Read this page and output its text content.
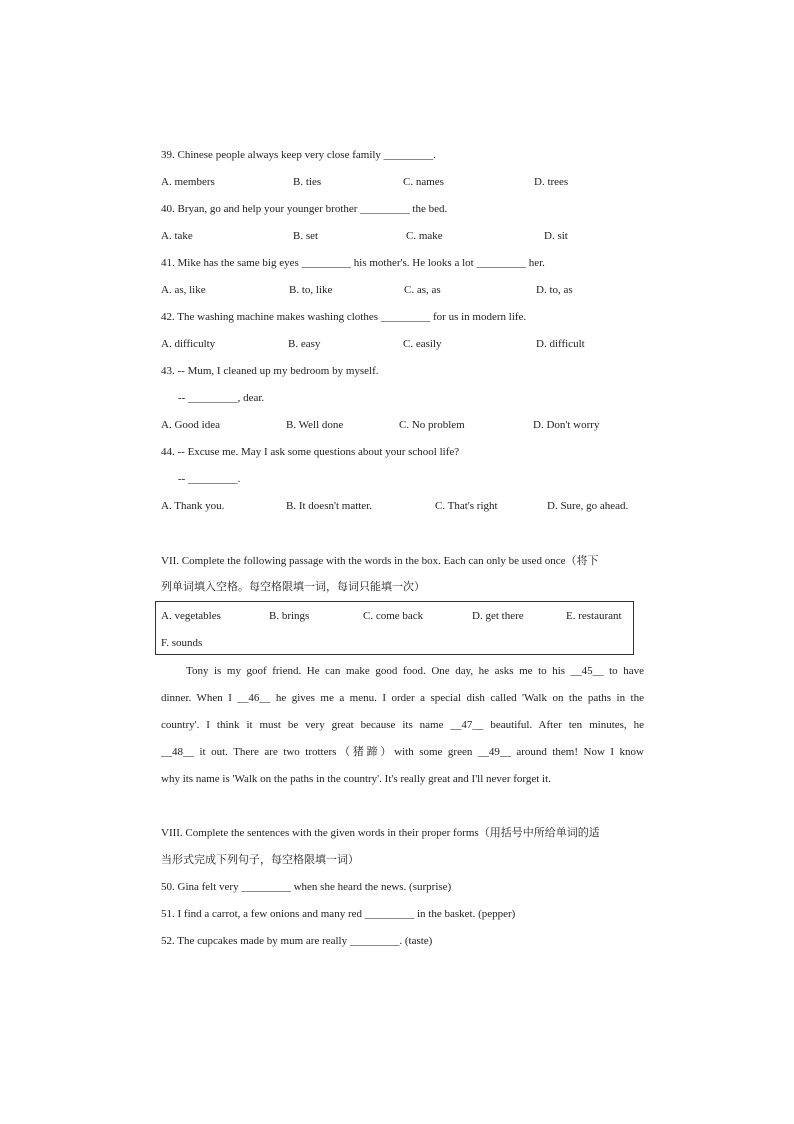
39. Chinese people always keep very close family _________.
A. members	B. ties	C. names	D. trees
40. Bryan, go and help your younger brother _________ the bed.
A. take	B. set	C. make	D. sit
41. Mike has the same big eyes _________ his mother's. He looks a lot _________ her.
A. as, like	B. to, like	C. as, as	D. to, as
42. The washing machine makes washing clothes _________ for us in modern life.
A. difficulty	B. easy	C. easily	D. difficult
43. -- Mum, I cleaned up my bedroom by myself.
-- _________, dear.
A. Good idea	B. Well done	C. No problem	D. Don't worry
44. -- Excuse me. May I ask some questions about your school life?
-- _________.
A. Thank you.	B. It doesn't matter.	C. That's right	D. Sure, go ahead.
VII. Complete the following passage with the words in the box. Each can only be used once（将下
列单词填入空格。每空格限填一词，每词只能填一次）
A. vegetables	B. brings	C. come back	D. get there	E. restaurant
F. sounds
Tony is my goof friend. He can make good food. One day, he asks me to his __45__ to have
dinner. When I __46__ he gives me a menu. I order a special dish called 'Walk on the paths in the
country'. I think it must be very great because its name __47__ beautiful. After ten minutes, he
__48__ it out. There are two trotters（猪蹄）with some green __49__ around them! Now I know
why its name is 'Walk on the paths in the country'. It's really great and I'll never forget it.
VIII. Complete the sentences with the given words in their proper forms（用括号中所给单词的适
当形式完成下列句子，每空格限填一词）
50. Gina felt very _________ when she heard the news. (surprise)
51. I find a carrot, a few onions and many red _________ in the basket. (pepper)
52. The cupcakes made by mum are really _________. (taste)
